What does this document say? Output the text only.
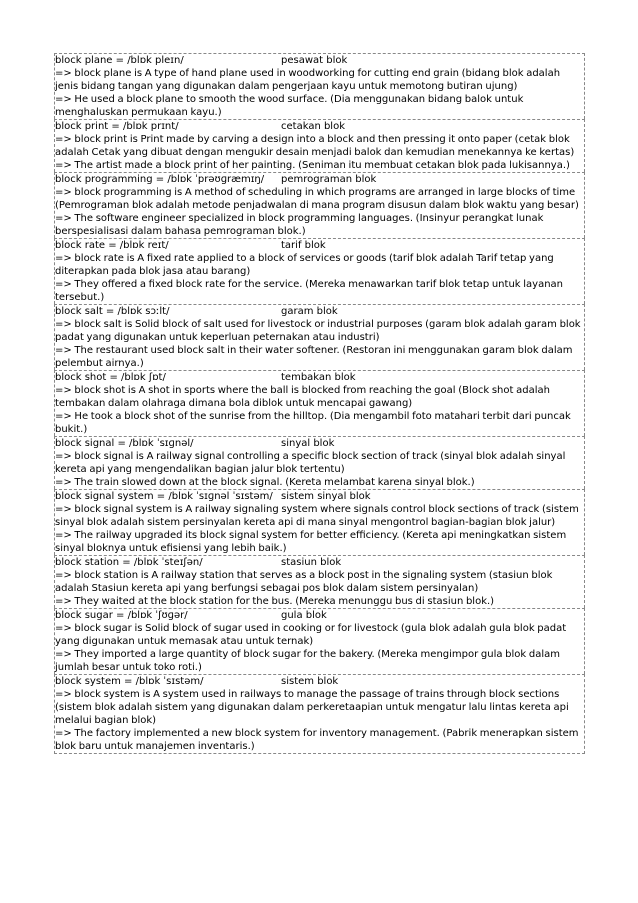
block plane = /blɒk pleɪn/	pesawat blok
=> block plane is A type of hand plane used in woodworking for cutting end grain (bidang blok adalah jenis bidang tangan yang digunakan dalam pengerjaan kayu untuk memotong butiran ujung)
=> He used a block plane to smooth the wood surface. (Dia menggunakan bidang balok untuk menghaluskan permukaan kayu.)
block print = /blɒk prɪnt/	cetakan blok
=> block print is Print made by carving a design into a block and then pressing it onto paper (cetak blok adalah Cetak yang dibuat dengan mengukir desain menjadi balok dan kemudian menekannya ke kertas)
=> The artist made a block print of her painting. (Seniman itu membuat cetakan blok pada lukisannya.)
block programming = /blɒk ˈprəʊɡræmɪŋ/	pemrograman blok
=> block programming is A method of scheduling in which programs are arranged in large blocks of time (Pemrograman blok adalah metode penjadwalan di mana program disusun dalam blok waktu yang besar)
=> The software engineer specialized in block programming languages. (Insinyur perangkat lunak berspesialisasi dalam bahasa pemrograman blok.)
block rate = /blɒk reɪt/	tarif blok
=> block rate is A fixed rate applied to a block of services or goods (tarif blok adalah Tarif tetap yang diterapkan pada blok jasa atau barang)
=> They offered a fixed block rate for the service. (Mereka menawarkan tarif blok tetap untuk layanan tersebut.)
block salt = /blɒk sɔːlt/	garam blok
=> block salt is Solid block of salt used for livestock or industrial purposes (garam blok adalah garam blok padat yang digunakan untuk keperluan peternakan atau industri)
=> The restaurant used block salt in their water softener. (Restoran ini menggunakan garam blok dalam pelembut airnya.)
block shot = /blɒk ʃɒt/	tembakan blok
=> block shot is A shot in sports where the ball is blocked from reaching the goal (Block shot adalah tembakan dalam olahraga dimana bola diblok untuk mencapai gawang)
=> He took a block shot of the sunrise from the hilltop. (Dia mengambil foto matahari terbit dari puncak bukit.)
block signal = /blɒk ˈsɪɡnəl/	sinyal blok
=> block signal is A railway signal controlling a specific block section of track (sinyal blok adalah sinyal kereta api yang mengendalikan bagian jalur blok tertentu)
=> The train slowed down at the block signal. (Kereta melambat karena sinyal blok.)
block signal system = /blɒk ˈsɪɡnəl ˈsɪstəm/ sistem sinyal blok
=> block signal system is A railway signaling system where signals control block sections of track (sistem sinyal blok adalah sistem persinyalan kereta api di mana sinyal mengontrol bagian-bagian blok jalur)
=> The railway upgraded its block signal system for better efficiency. (Kereta api meningkatkan sistem sinyal bloknya untuk efisiensi yang lebih baik.)
block station = /blɒk ˈsteɪʃən/	stasiun blok
=> block station is A railway station that serves as a block post in the signaling system (stasiun blok adalah Stasiun kereta api yang berfungsi sebagai pos blok dalam sistem persinyalan)
=> They waited at the block station for the bus. (Mereka menunggu bus di stasiun blok.)
block sugar = /blɒk ˈʃʊɡər/	gula blok
=> block sugar is Solid block of sugar used in cooking or for livestock (gula blok adalah gula blok padat yang digunakan untuk memasak atau untuk ternak)
=> They imported a large quantity of block sugar for the bakery. (Mereka mengimpor gula blok dalam jumlah besar untuk toko roti.)
block system = /blɒk ˈsɪstəm/	sistem blok
=> block system is A system used in railways to manage the passage of trains through block sections (sistem blok adalah sistem yang digunakan dalam perkeretaapian untuk mengatur lalu lintas kereta api melalui bagian blok)
=> The factory implemented a new block system for inventory management. (Pabrik menerapkan sistem blok baru untuk manajemen inventaris.)
